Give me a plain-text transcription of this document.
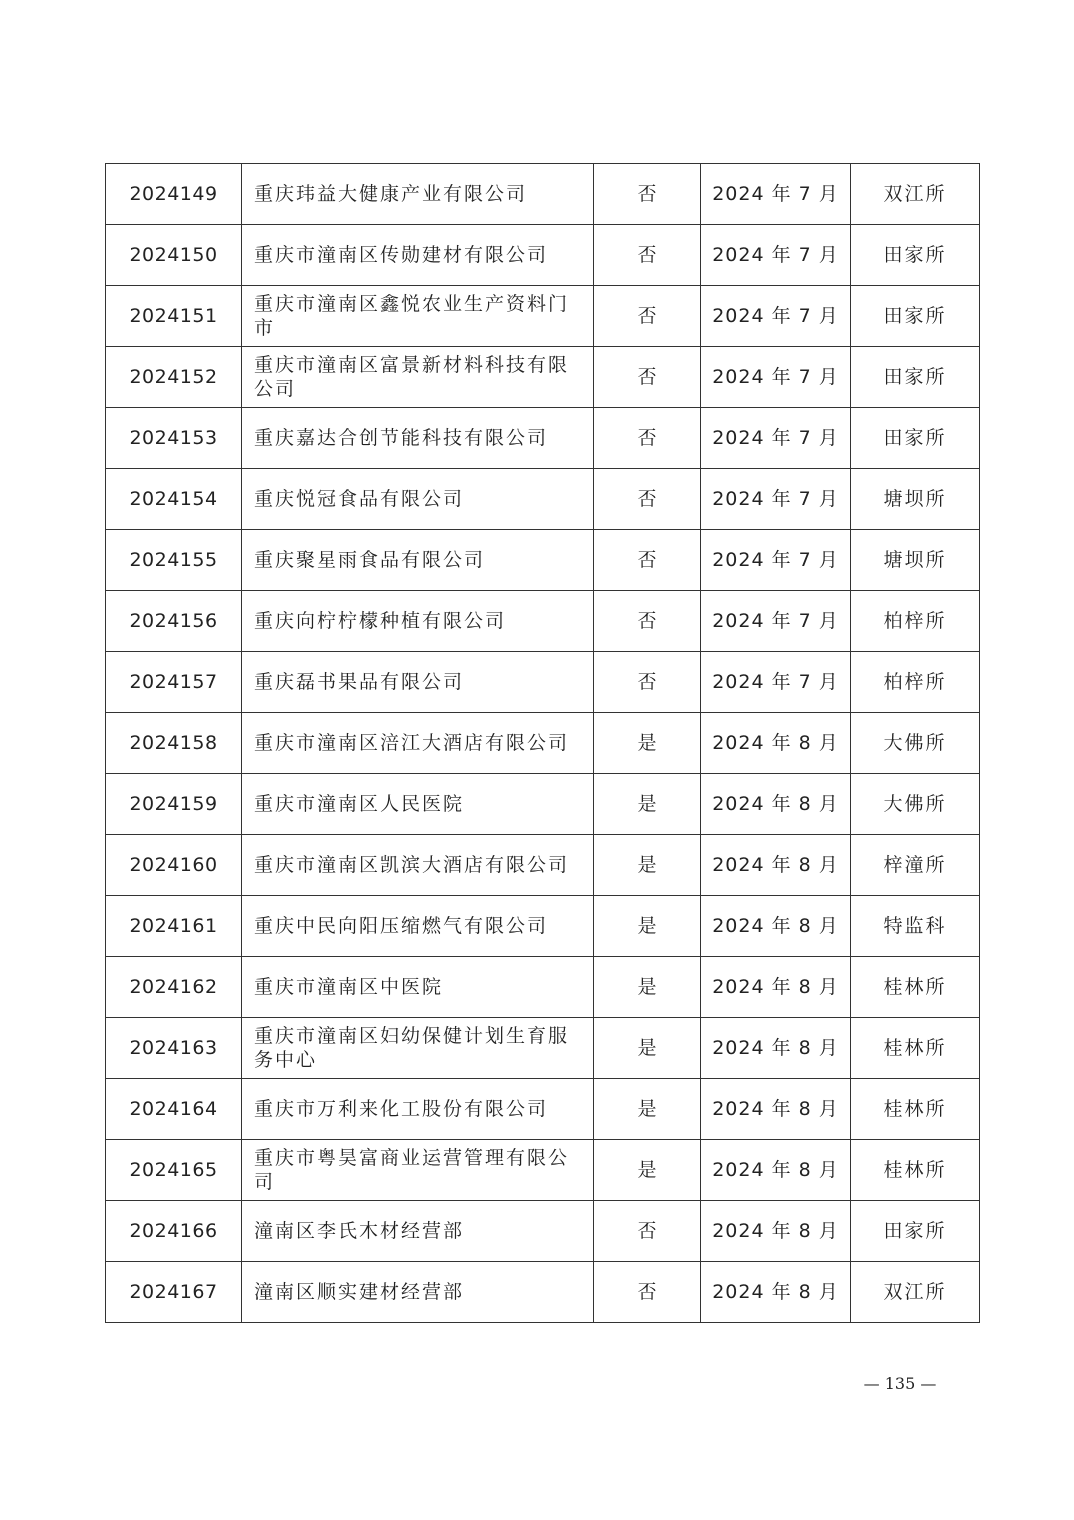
2024149	重庆玮益大健康产业有限公司	否	2024 年 7 月	双江所
2024150	重庆市潼南区传勋建材有限公司	否	2024 年 7 月	田家所
2024151	重庆市潼南区鑫悦农业生产资料门市	否	2024 年 7 月	田家所
2024152	重庆市潼南区富景新材料科技有限公司	否	2024 年 7 月	田家所
2024153	重庆嘉达合创节能科技有限公司	否	2024 年 7 月	田家所
2024154	重庆悦冠食品有限公司	否	2024 年 7 月	塘坝所
2024155	重庆聚星雨食品有限公司	否	2024 年 7 月	塘坝所
2024156	重庆向柠柠檬种植有限公司	否	2024 年 7 月	柏梓所
2024157	重庆磊书果品有限公司	否	2024 年 7 月	柏梓所
2024158	重庆市潼南区涪江大酒店有限公司	是	2024 年 8 月	大佛所
2024159	重庆市潼南区人民医院	是	2024 年 8 月	大佛所
2024160	重庆市潼南区凯滨大酒店有限公司	是	2024 年 8 月	梓潼所
2024161	重庆中民向阳压缩燃气有限公司	是	2024 年 8 月	特监科
2024162	重庆市潼南区中医院	是	2024 年 8 月	桂林所
2024163	重庆市潼南区妇幼保健计划生育服务中心	是	2024 年 8 月	桂林所
2024164	重庆市万利来化工股份有限公司	是	2024 年 8 月	桂林所
2024165	重庆市粤昊富商业运营管理有限公司	是	2024 年 8 月	桂林所
2024166	潼南区李氏木材经营部	否	2024 年 8 月	田家所
2024167	潼南区顺实建材经营部	否	2024 年 8 月	双江所
— 135 —
